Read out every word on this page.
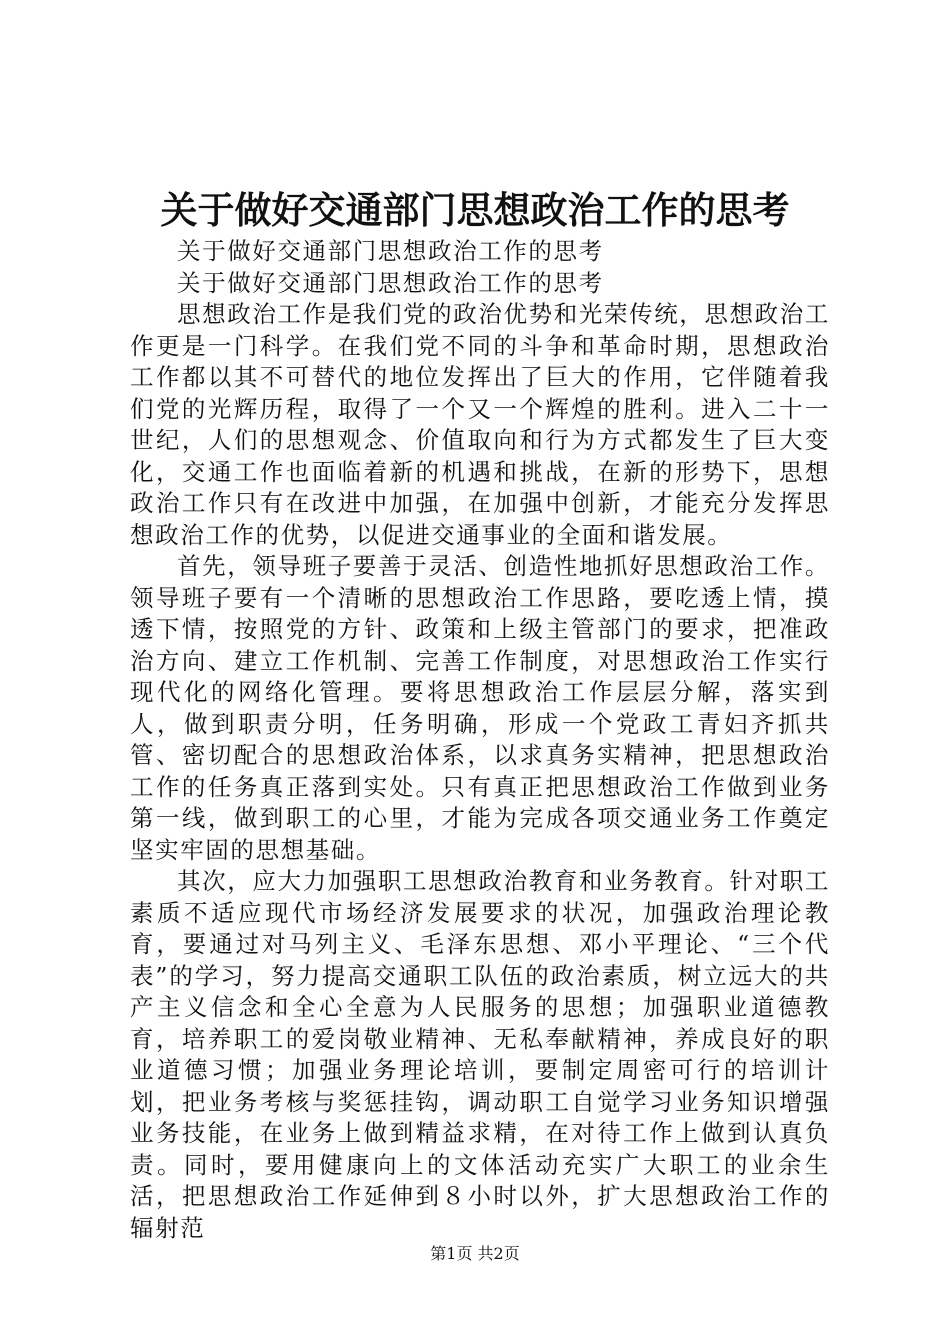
关于做好交通部门思想政治工作的思考

关于做好交通部门思想政治工作的思考

关于做好交通部门思想政治工作的思考

思想政治工作是我们党的政治优势和光荣传统，思想政治工作更是一门科学。在我们党不同的斗争和革命时期，思想政治工作都以其不可替代的地位发挥出了巨大的作用，它伴随着我们党的光辉历程，取得了一个又一个辉煌的胜利。进入二十一世纪，人们的思想观念、价值取向和行为方式都发生了巨大变化，交通工作也面临着新的机遇和挑战，在新的形势下，思想政治工作只有在改进中加强，在加强中创新，才能充分发挥思想政治工作的优势，以促进交通事业的全面和谐发展。

首先，领导班子要善于灵活、创造性地抓好思想政治工作。领导班子要有一个清晰的思想政治工作思路，要吃透上情，摸透下情，按照党的方针、政策和上级主管部门的要求，把准政治方向、建立工作机制、完善工作制度，对思想政治工作实行现代化的网络化管理。要将思想政治工作层层分解，落实到人，做到职责分明，任务明确，形成一个党政工青妇齐抓共管、密切配合的思想政治体系，以求真务实精神，把思想政治工作的任务真正落到实处。只有真正把思想政治工作做到业务第一线，做到职工的心里，才能为完成各项交通业务工作奠定坚实牢固的思想基础。

其次，应大力加强职工思想政治教育和业务教育。针对职工素质不适应现代市场经济发展要求的状况，加强政治理论教育，要通过对马列主义、毛泽东思想、邓小平理论、“三个代表”的学习，努力提高交通职工队伍的政治素质，树立远大的共产主义信念和全心全意为人民服务的思想；加强职业道德教育，培养职工的爱岗敬业精神、无私奉献精神，养成良好的职业道德习惯；加强业务理论培训，要制定周密可行的培训计划，把业务考核与奖惩挂钩，调动职工自觉学习业务知识增强业务技能，在业务上做到精益求精，在对待工作上做到认真负责。同时，要用健康向上的文体活动充实广大职工的业余生活，把思想政治工作延伸到８小时以外，扩大思想政治工作的辐射范

第1页 共2页
